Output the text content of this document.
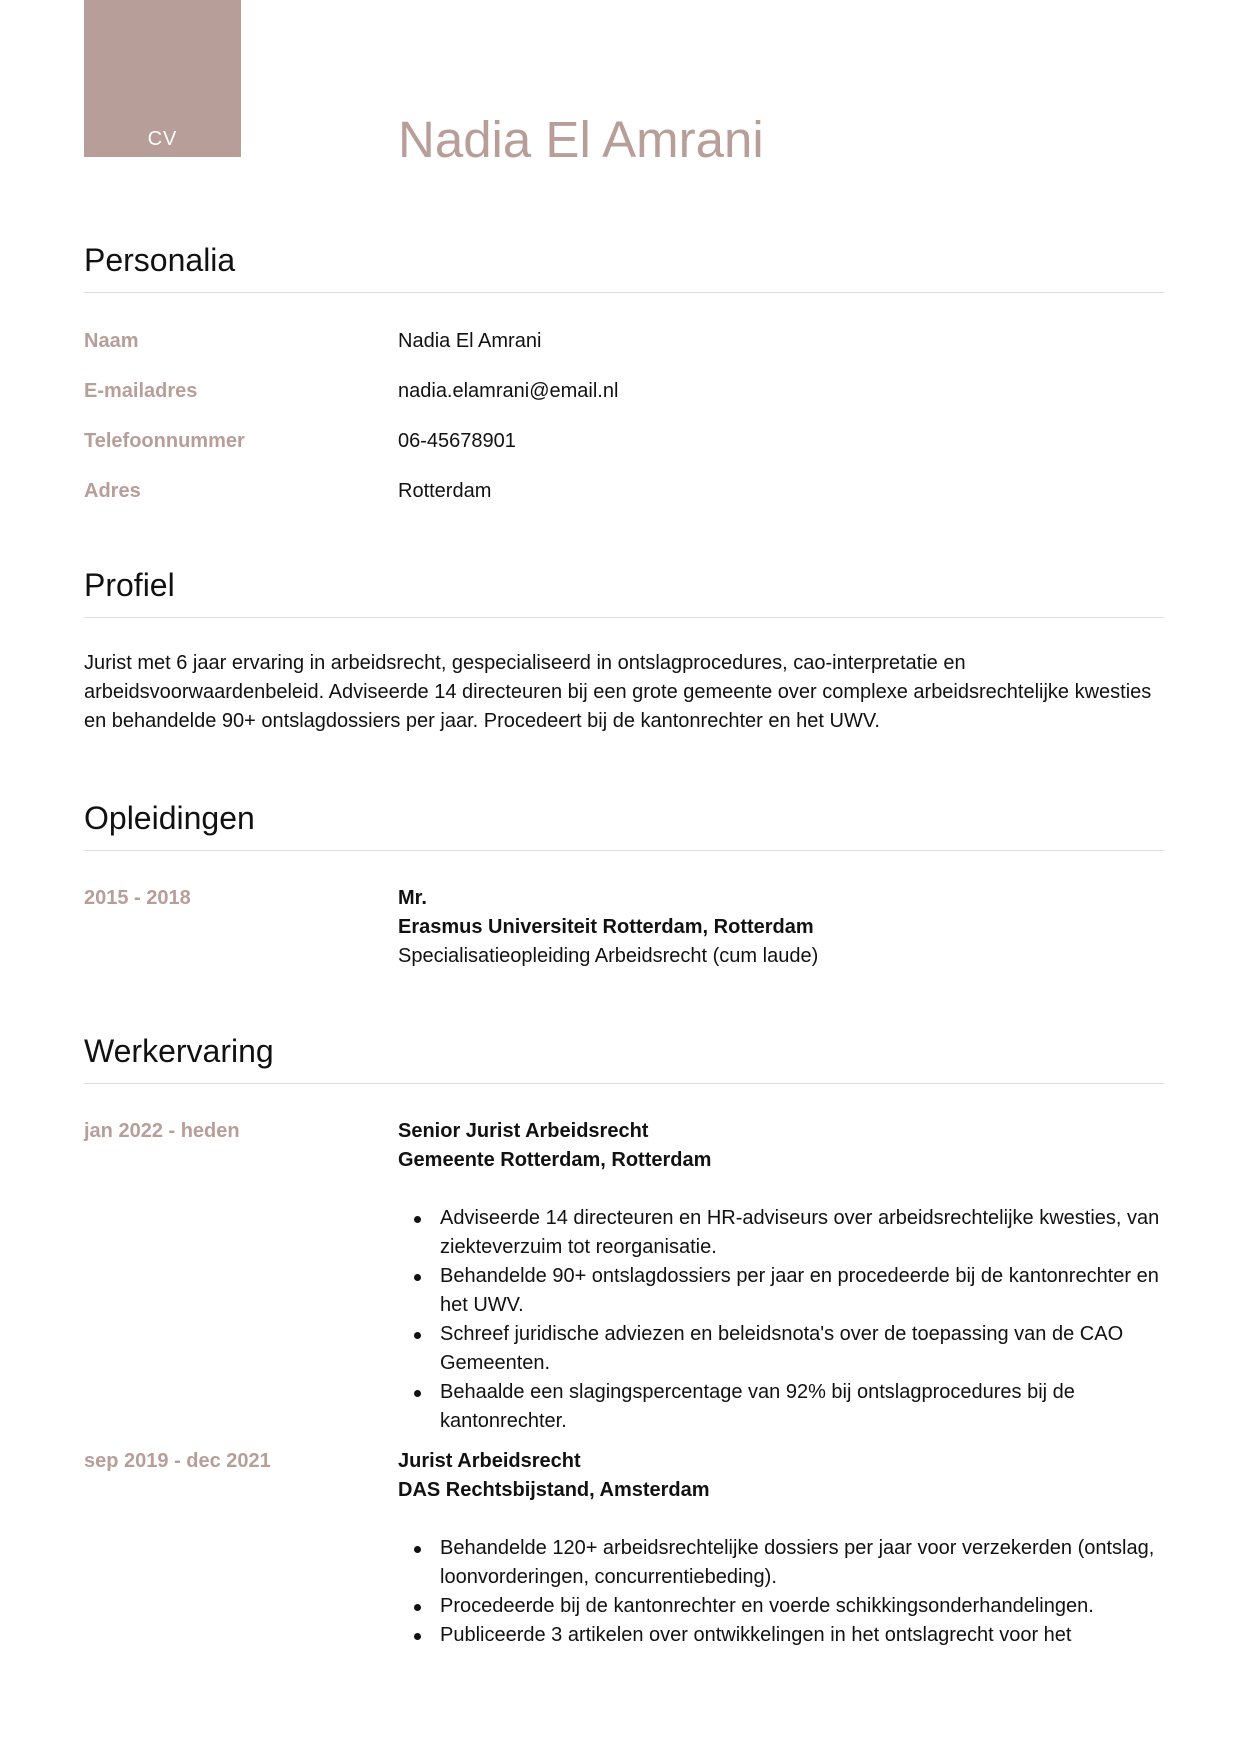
CV	Nadia El Amrani
Personalia
Naam	Nadia El Amrani
E-mailadres	nadia.elamrani@email.nl
Telefoonnummer	06-45678901
Adres	Rotterdam
Profiel

Jurist met 6 jaar ervaring in arbeidsrecht, gespecialiseerd in ontslagprocedures, cao-interpretatie en arbeidsvoorwaardenbeleid. Adviseerde 14 directeuren bij een grote gemeente over complexe arbeidsrechtelijke kwesties en behandelde 90+ ontslagdossiers per jaar. Procedeert bij de kantonrechter en het UWV.

Opleidingen
2015 - 2018	Mr.
Erasmus Universiteit Rotterdam, Rotterdam
Specialisatieopleiding Arbeidsrecht (cum laude)
Werkervaring
jan 2022 - heden	Senior Jurist Arbeidsrecht
Gemeente Rotterdam, Rotterdam
Adviseerde 14 directeuren en HR-adviseurs over arbeidsrechtelijke kwesties, van ziekteverzuim tot reorganisatie.
Behandelde 90+ ontslagdossiers per jaar en procedeerde bij de kantonrechter en het UWV.
Schreef juridische adviezen en beleidsnota's over de toepassing van de CAO Gemeenten.
Behaalde een slagingspercentage van 92% bij ontslagprocedures bij de kantonrechter.
sep 2019 - dec 2021	Jurist Arbeidsrecht
DAS Rechtsbijstand, Amsterdam
Behandelde 120+ arbeidsrechtelijke dossiers per jaar voor verzekerden (ontslag, loonvorderingen, concurrentiebeding).
Procedeerde bij de kantonrechter en voerde schikkingsonderhandelingen.
Publiceerde 3 artikelen over ontwikkelingen in het ontslagrecht voor het
